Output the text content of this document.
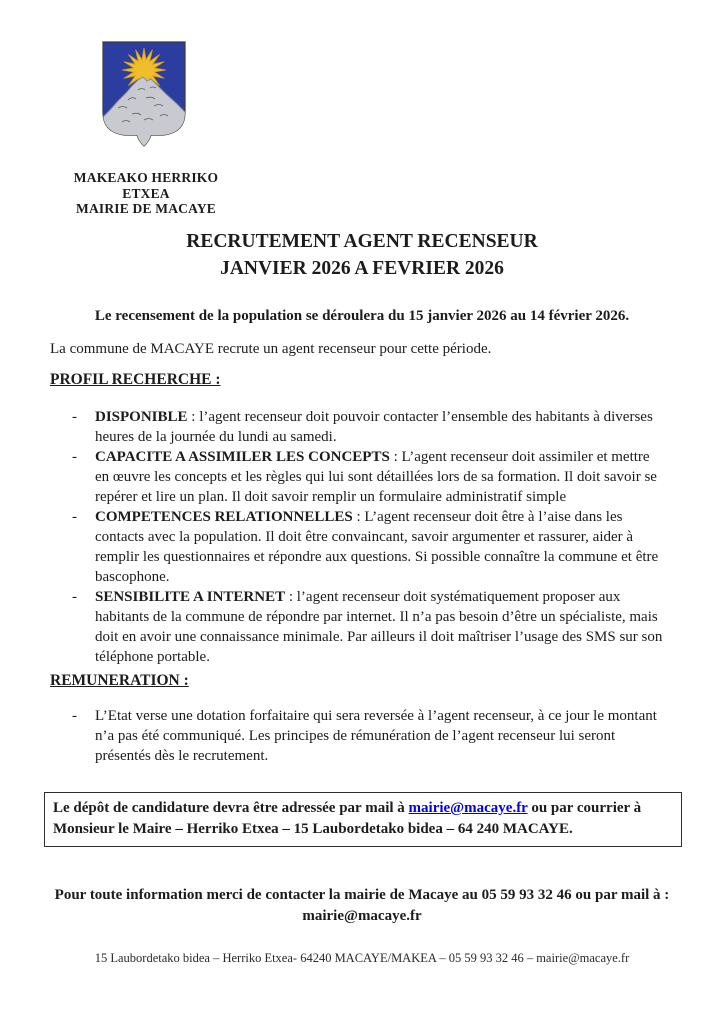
MAKEAKO HERRIKO ETXEA
MAIRIE DE MACAYE
RECRUTEMENT AGENT RECENSEUR
JANVIER 2026 A FEVRIER 2026
Le recensement de la population se déroulera du 15 janvier 2026 au 14 février 2026.
La commune de MACAYE recrute un agent recenseur pour cette période.
PROFIL RECHERCHE :
-	DISPONIBLE : l’agent recenseur doit pouvoir contacter l’ensemble des habitants à diverses heures de la journée du lundi au samedi.

-	CAPACITE A ASSIMILER LES CONCEPTS : L’agent recenseur doit assimiler et mettre en œuvre les concepts et les règles qui lui sont détaillées lors de sa formation. Il doit savoir se repérer et lire un plan. Il doit savoir remplir un formulaire administratif simple

-	COMPETENCES RELATIONNELLES : L’agent recenseur doit être à l’aise dans les contacts avec la population. Il doit être convaincant, savoir argumenter et rassurer, aider à remplir les questionnaires et répondre aux questions. Si possible connaître la commune et être bascophone.

-	SENSIBILITE A INTERNET : l’agent recenseur doit systématiquement proposer aux habitants de la commune de répondre par internet. Il n’a pas besoin d’être un spécialiste, mais doit en avoir une connaissance minimale. Par ailleurs il doit maîtriser l’usage des SMS sur son téléphone portable.

REMUNERATION :
-	L’Etat verse une dotation forfaitaire qui sera reversée à l’agent recenseur, à ce jour le montant n’a pas été communiqué. Les principes de rémunération de l’agent recenseur lui seront présentés dès le recrutement.

Le dépôt de candidature devra être adressée par mail à mairie@macaye.fr ou par courrier à Monsieur le Maire – Herriko Etxea – 15 Laubordetako bidea – 64 240 MACAYE.
Pour toute information merci de contacter la mairie de Macaye au 05 59 93 32 46 ou par mail à :
mairie@macaye.fr
15 Laubordetako bidea – Herriko Etxea- 64240 MACAYE/MAKEA – 05 59 93 32 46 – mairie@macaye.fr
